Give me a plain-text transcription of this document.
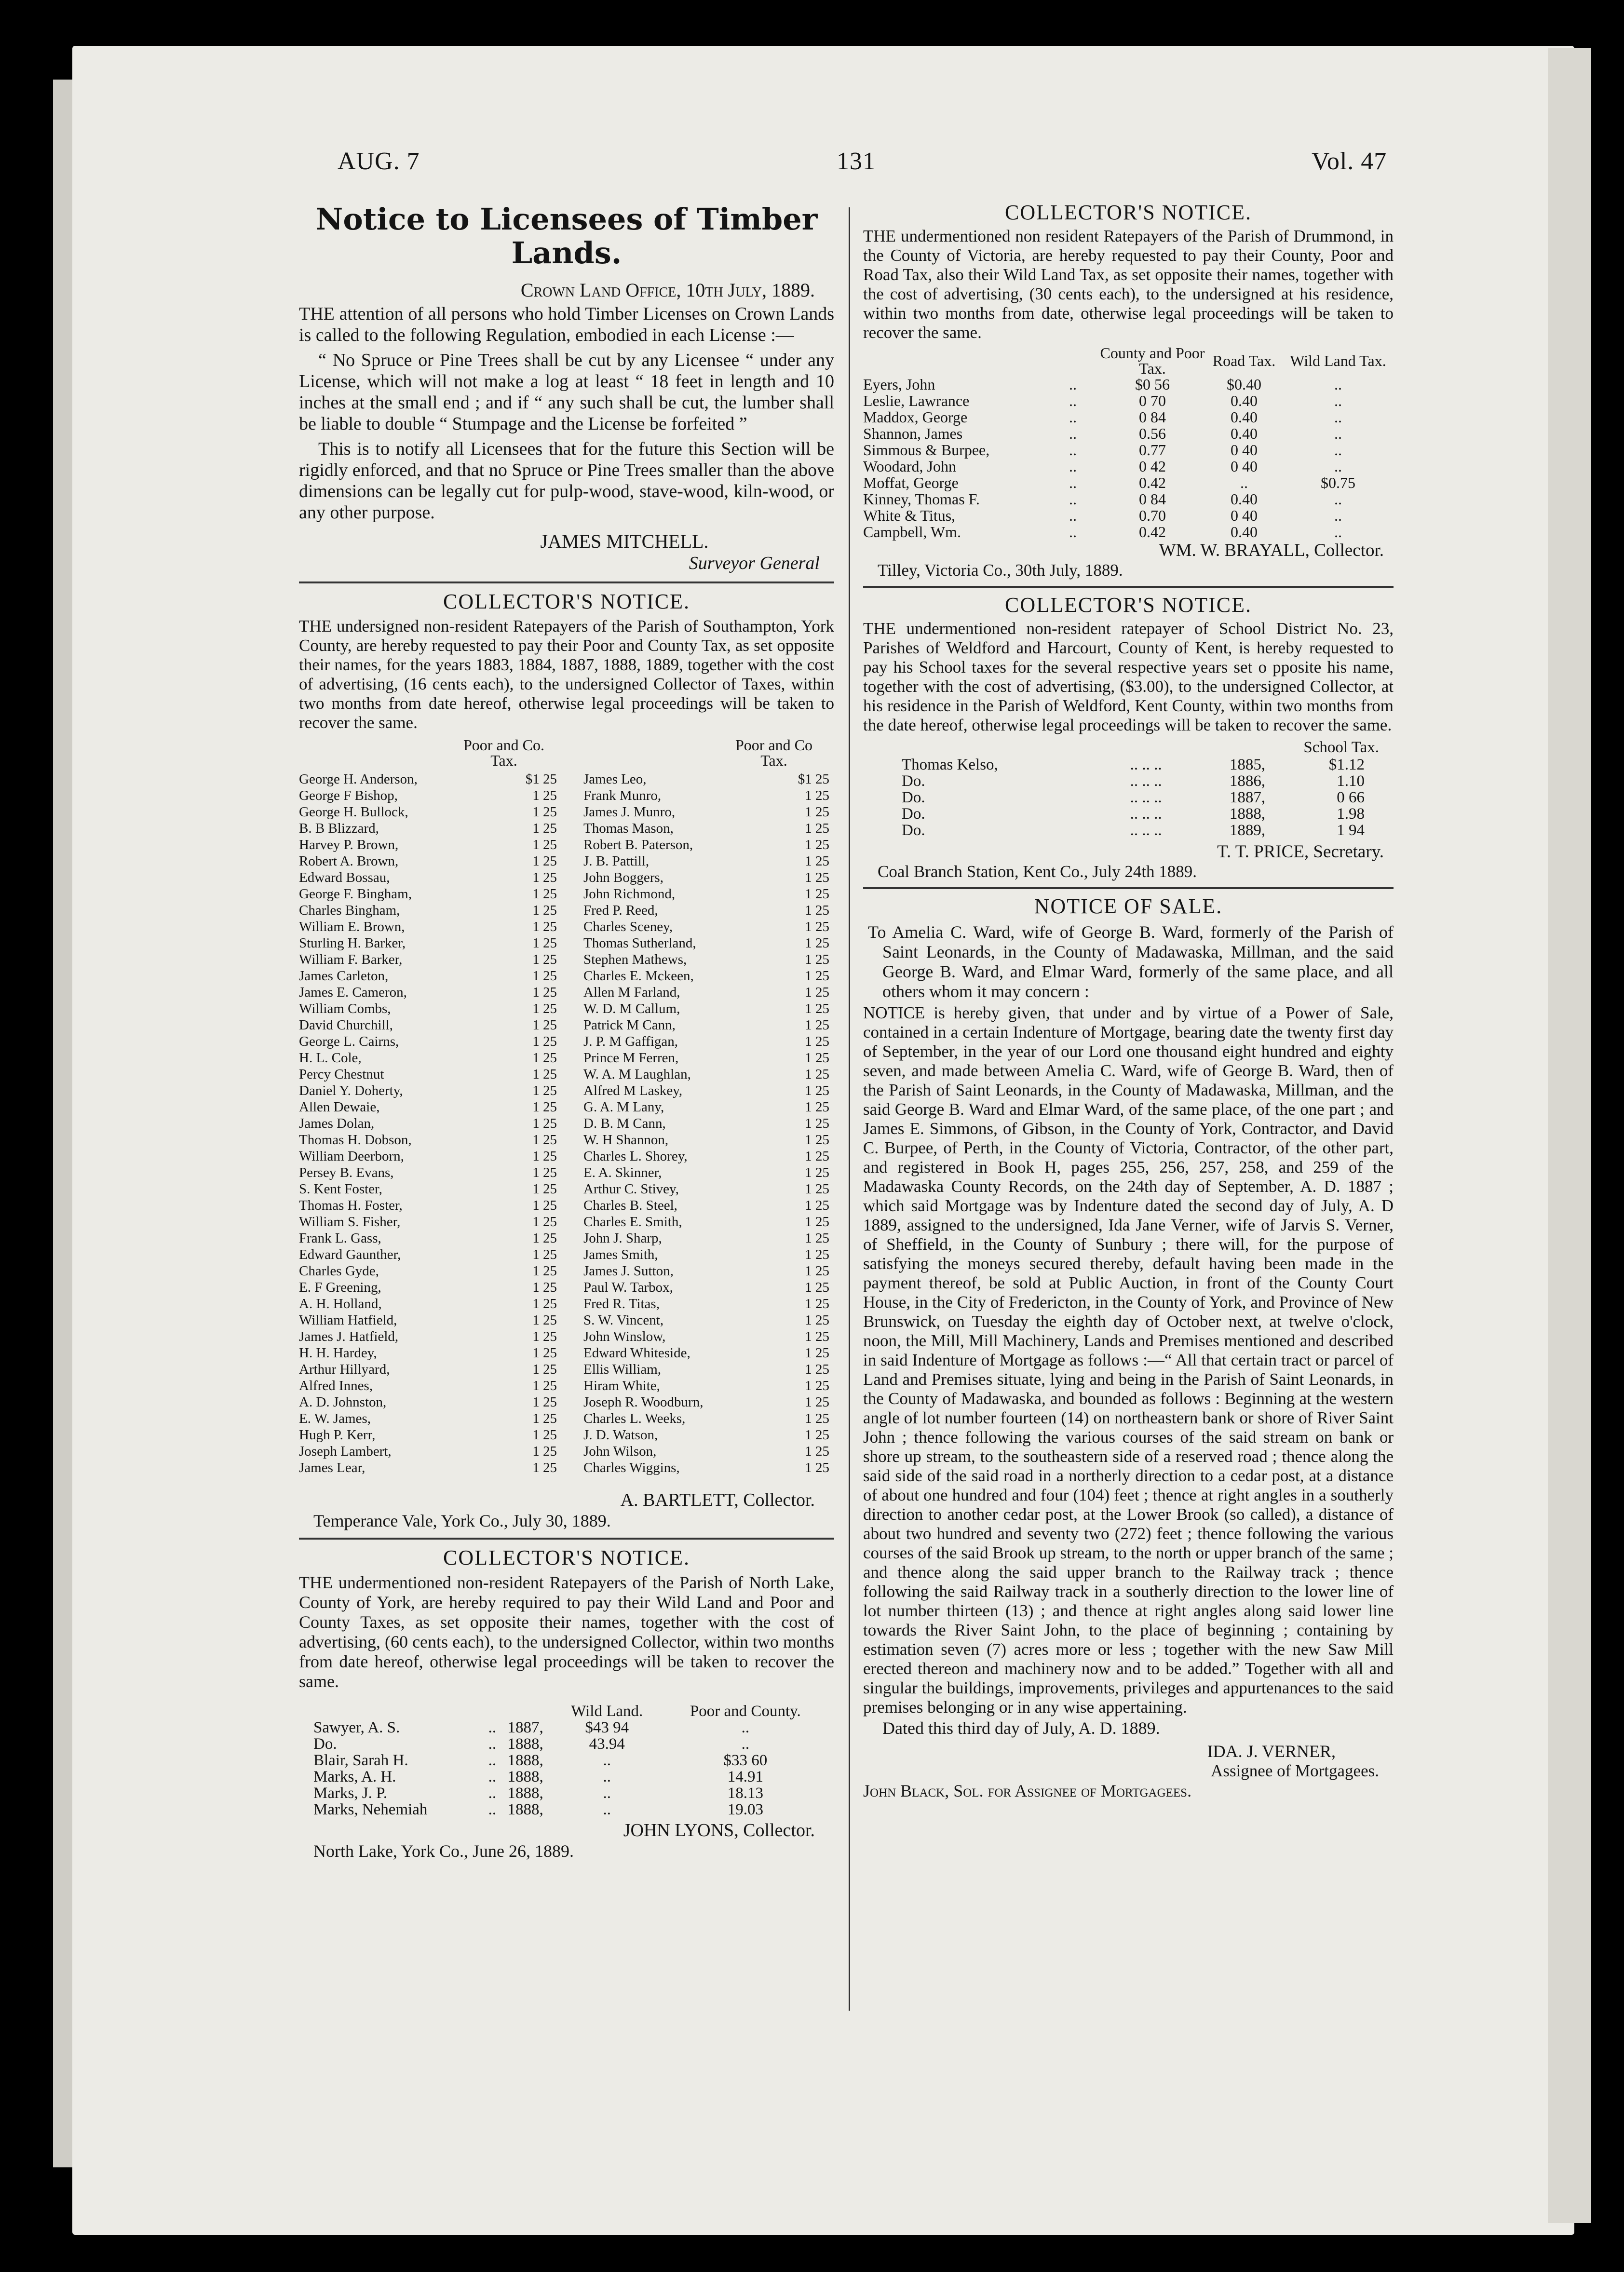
AUG. 7	131	Vol. 47
Notice to Licensees of Timber Lands.
Crown Land Office, 10th July, 1889.
THE attention of all persons who hold Timber Licenses on Crown Lands is called to the following Regulation, embodied in each License :—
“ No Spruce or Pine Trees shall be cut by any Licensee “ under any License, which will not make a log at least “ 18 feet in length and 10 inches at the small end ; and if “ any such shall be cut, the lumber shall be liable to double “ Stumpage and the License be forfeited ”
This is to notify all Licensees that for the future this Section will be rigidly enforced, and that no Spruce or Pine Trees smaller than the above dimensions can be legally cut for pulp-wood, stave-wood, kiln-wood, or any other purpose.
JAMES MITCHELL.
Surveyor General
COLLECTOR'S NOTICE.
THE undersigned non-resident Ratepayers of the Parish of Southampton, York County, are hereby requested to pay their Poor and County Tax, as set opposite their names, for the years 1883, 1884, 1887, 1888, 1889, together with the cost of advertising, (16 cents each), to the undersigned Collector of Taxes, within two months from date hereof, otherwise legal proceedings will be taken to recover the same.
Poor and Co. Tax.
Poor and Co Tax.
George H. Anderson,	$1 25
George F Bishop,	1 25
George H. Bullock,	1 25
B. B Blizzard,	1 25
Harvey P. Brown,	1 25
Robert A. Brown,	1 25
Edward Bossau,	1 25
George F. Bingham,	1 25
Charles Bingham,	1 25
William E. Brown,	1 25
Sturling H. Barker,	1 25
William F. Barker,	1 25
James Carleton,	1 25
James E. Cameron,	1 25
William Combs,	1 25
David Churchill,	1 25
George L. Cairns,	1 25
H. L. Cole,	1 25
Percy Chestnut	1 25
Daniel Y. Doherty,	1 25
Allen Dewaie,	1 25
James Dolan,	1 25
Thomas H. Dobson,	1 25
William Deerborn,	1 25
Persey B. Evans,	1 25
S. Kent Foster,	1 25
Thomas H. Foster,	1 25
William S. Fisher,	1 25
Frank L. Gass,	1 25
Edward Gaunther,	1 25
Charles Gyde,	1 25
E. F Greening,	1 25
A. H. Holland,	1 25
William Hatfield,	1 25
James J. Hatfield,	1 25
H. H. Hardey,	1 25
Arthur Hillyard,	1 25
Alfred Innes,	1 25
A. D. Johnston,	1 25
E. W. James,	1 25
Hugh P. Kerr,	1 25
Joseph Lambert,	1 25
James Lear,	1 25
James Leo,	$1 25
Frank Munro,	1 25
James J. Munro,	1 25
Thomas Mason,	1 25
Robert B. Paterson,	1 25
J. B. Pattill,	1 25
John Boggers,	1 25
John Richmond,	1 25
Fred P. Reed,	1 25
Charles Sceney,	1 25
Thomas Sutherland,	1 25
Stephen Mathews,	1 25
Charles E. Mckeen,	1 25
Allen M Farland,	1 25
W. D. M Callum,	1 25
Patrick M Cann,	1 25
J. P. M Gaffigan,	1 25
Prince M Ferren,	1 25
W. A. M Laughlan,	1 25
Alfred M Laskey,	1 25
G. A. M Lany,	1 25
D. B. M Cann,	1 25
W. H Shannon,	1 25
Charles L. Shorey,	1 25
E. A. Skinner,	1 25
Arthur C. Stivey,	1 25
Charles B. Steel,	1 25
Charles E. Smith,	1 25
John J. Sharp,	1 25
James Smith,	1 25
James J. Sutton,	1 25
Paul W. Tarbox,	1 25
Fred R. Titas,	1 25
S. W. Vincent,	1 25
John Winslow,	1 25
Edward Whiteside,	1 25
Ellis William,	1 25
Hiram White,	1 25
Joseph R. Woodburn,	1 25
Charles L. Weeks,	1 25
J. D. Watson,	1 25
John Wilson,	1 25
Charles Wiggins,	1 25
A. BARTLETT, Collector.
Temperance Vale, York Co., July 30, 1889.
COLLECTOR'S NOTICE.
THE undermentioned non-resident Ratepayers of the Parish of North Lake, County of York, are hereby required to pay their Wild Land and Poor and County Taxes, as set opposite their names, together with the cost of advertising, (60 cents each), to the undersigned Collector, within two months from date hereof, otherwise legal proceedings will be taken to recover the same.
			Wild Land.	Poor and County.
Sawyer, A. S.	..	1887,	$43 94	..
Do.	..	1888,	43.94	..
Blair, Sarah H.	..	1888,	..	$33 60
Marks, A. H.	..	1888,	..	14.91
Marks, J. P.	..	1888,	..	18.13
Marks, Nehemiah	..	1888,	..	19.03
JOHN LYONS, Collector.
North Lake, York Co., June 26, 1889.
COLLECTOR'S NOTICE.
THE undermentioned non resident Ratepayers of the Parish of Drummond, in the County of Victoria, are hereby requested to pay their County, Poor and Road Tax, also their Wild Land Tax, as set opposite their names, together with the cost of advertising, (30 cents each), to the undersigned at his residence, within two months from date, otherwise legal proceedings will be taken to recover the same.
		County and Poor Tax.	Road Tax.	Wild Land Tax.
Eyers, John	..	$0 56	$0.40	..
Leslie, Lawrance	..	0 70	0.40	..
Maddox, George	..	0 84	0.40	..
Shannon, James	..	0.56	0.40	..
Simmous & Burpee,	..	0.77	0 40	..
Woodard, John	..	0 42	0 40	..
Moffat, George	..	0.42	..	$0.75
Kinney, Thomas F.	..	0 84	0.40	..
White & Titus,	..	0.70	0 40	..
Campbell, Wm.	..	0.42	0.40	..
WM. W. BRAYALL, Collector.
Tilley, Victoria Co., 30th July, 1889.
COLLECTOR'S NOTICE.
THE undermentioned non-resident ratepayer of School District No. 23, Parishes of Weldford and Harcourt, County of Kent, is hereby requested to pay his School taxes for the several respective years set o pposite his name, together with the cost of advertising, ($3.00), to the undersigned Collector, at his residence in the Parish of Weldford, Kent County, within two months from the date hereof, otherwise legal proceedings will be taken to recover the same.
School Tax.
Thomas Kelso,	.. .. ..	1885,	$1.12
Do.	.. .. ..	1886,	1.10
Do.	.. .. ..	1887,	0 66
Do.	.. .. ..	1888,	1.98
Do.	.. .. ..	1889,	1 94
T. T. PRICE, Secretary.
Coal Branch Station, Kent Co., July 24th 1889.
NOTICE OF SALE.
To Amelia C. Ward, wife of George B. Ward, formerly of the Parish of Saint Leonards, in the County of Madawaska, Millman, and the said George B. Ward, and Elmar Ward, formerly of the same place, and all others whom it may concern :
NOTICE is hereby given, that under and by virtue of a Power of Sale, contained in a certain Indenture of Mortgage, bearing date the twenty first day of September, in the year of our Lord one thousand eight hundred and eighty seven, and made between Amelia C. Ward, wife of George B. Ward, then of the Parish of Saint Leonards, in the County of Madawaska, Millman, and the said George B. Ward and Elmar Ward, of the same place, of the one part ; and James E. Simmons, of Gibson, in the County of York, Contractor, and David C. Burpee, of Perth, in the County of Victoria, Contractor, of the other part, and registered in Book H, pages 255, 256, 257, 258, and 259 of the Madawaska County Records, on the 24th day of September, A. D. 1887 ; which said Mortgage was by Indenture dated the second day of July, A. D 1889, assigned to the undersigned, Ida Jane Verner, wife of Jarvis S. Verner, of Sheffield, in the County of Sunbury ; there will, for the purpose of satisfying the moneys secured thereby, default having been made in the payment thereof, be sold at Public Auction, in front of the County Court House, in the City of Fredericton, in the County of York, and Province of New Brunswick, on Tuesday the eighth day of October next, at twelve o'clock, noon, the Mill, Mill Machinery, Lands and Premises mentioned and described in said Indenture of Mortgage as follows :—“ All that certain tract or parcel of Land and Premises situate, lying and being in the Parish of Saint Leonards, in the County of Madawaska, and bounded as follows : Beginning at the western angle of lot number fourteen (14) on northeastern bank or shore of River Saint John ; thence following the various courses of the said stream on bank or shore up stream, to the southeastern side of a reserved road ; thence along the said side of the said road in a northerly direction to a cedar post, at a distance of about one hundred and four (104) feet ; thence at right angles in a southerly direction to another cedar post, at the Lower Brook (so called), a distance of about two hundred and seventy two (272) feet ; thence following the various courses of the said Brook up stream, to the north or upper branch of the same ; and thence along the said upper branch to the Railway track ; thence following the said Railway track in a southerly direction to the lower line of lot number thirteen (13) ; and thence at right angles along said lower line towards the River Saint John, to the place of beginning ; containing by estimation seven (7) acres more or less ; together with the new Saw Mill erected thereon and machinery now and to be added.” Together with all and singular the buildings, improvements, privileges and appurtenances to the said premises belonging or in any wise appertaining.
Dated this third day of July, A. D. 1889.
IDA. J. VERNER,
Assignee of Mortgagees.
John Black, Sol. for Assignee of Mortgagees.
